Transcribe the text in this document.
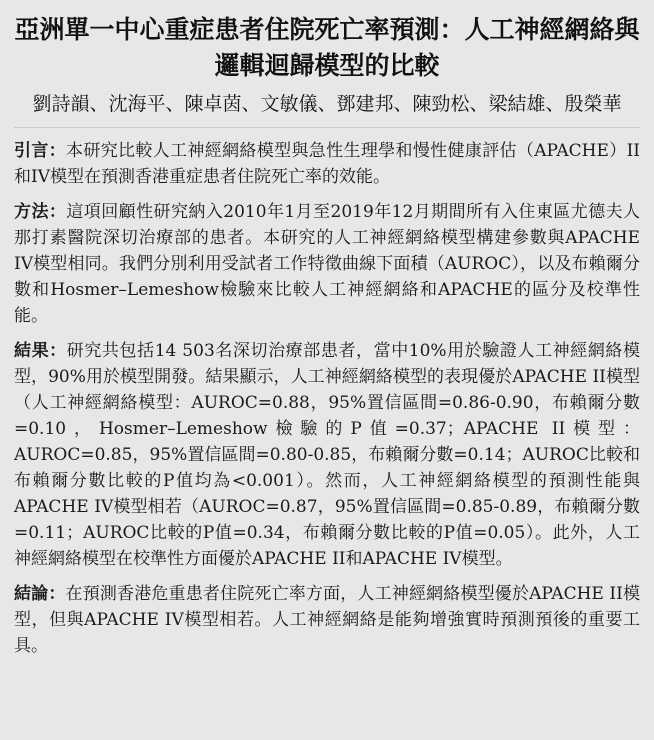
亞洲單一中心重症患者住院死亡率預測：人工神經網絡與邏輯迴歸模型的比較
劉詩韻、沈海平、陳卓茵、文敏儀、鄧建邦、陳勁松、梁結雄、殷榮華

引言：本研究比較人工神經網絡模型與急性生理學和慢性健康評估（APACHE）II和IV模型在預測香港重症患者住院死亡率的效能。

方法：這項回顧性研究納入2010年1月至2019年12月期間所有入住東區尤德夫人那打素醫院深切治療部的患者。本研究的人工神經網絡模型構建參數與APACHE IV模型相同。我們分別利用受試者工作特徵曲線下面積（AUROC），以及布賴爾分數和Hosmer–Lemeshow檢驗來比較人工神經網絡和APACHE的區分及校準性能。

結果：研究共包括14 503名深切治療部患者，當中10%用於驗證人工神經網絡模型，90%用於模型開發。結果顯示，人工神經網絡模型的表現優於APACHE II模型（人工神經網絡模型：AUROC=0.88，95%置信區間=0.86-0.90，布賴爾分數=0.10，Hosmer–Lemeshow檢驗的P值=0.37；APACHE II模型：AUROC=0.85，95%置信區間=0.80-0.85，布賴爾分數=0.14；AUROC比較和布賴爾分數比較的P值均為<0.001）。然而，人工神經網絡模型的預測性能與APACHE IV模型相若（AUROC=0.87，95%置信區間=0.85-0.89，布賴爾分數=0.11；AUROC比較的P值=0.34，布賴爾分數比較的P值=0.05）。此外，人工神經網絡模型在校準性方面優於APACHE II和APACHE IV模型。

結論：在預測香港危重患者住院死亡率方面，人工神經網絡模型優於APACHE II模型，但與APACHE IV模型相若。人工神經網絡是能夠增強實時預測預後的重要工具。
